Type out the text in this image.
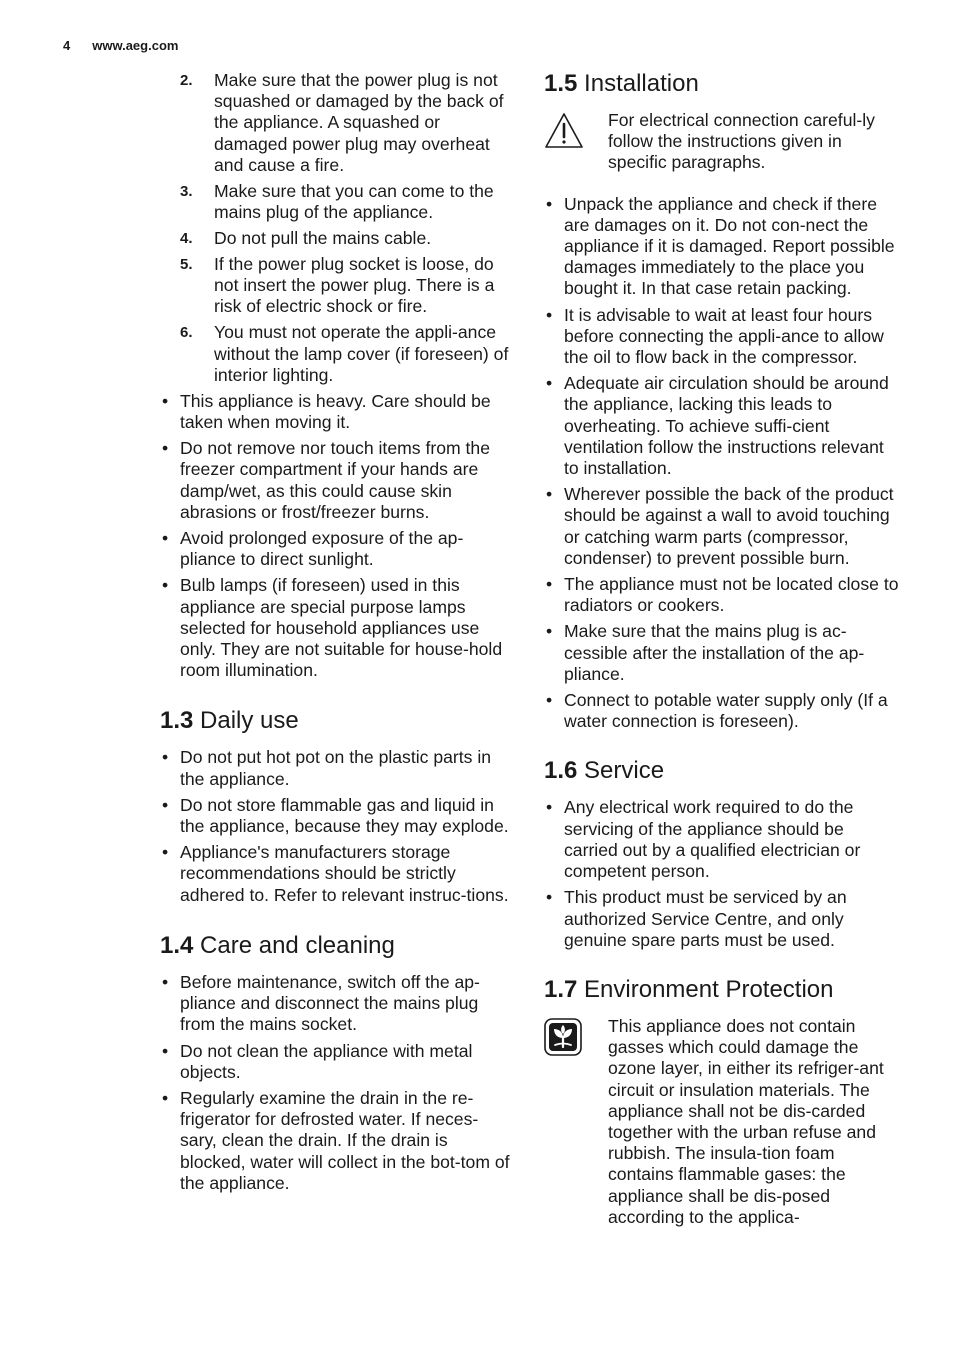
4 www.aeg.com
2. Make sure that the power plug is not squashed or damaged by the back of the appliance. A squashed or damaged power plug may overheat and cause a fire.
3. Make sure that you can come to the mains plug of the appliance.
4. Do not pull the mains cable.
5. If the power plug socket is loose, do not insert the power plug. There is a risk of electric shock or fire.
6. You must not operate the appli-ance without the lamp cover (if foreseen) of interior lighting.
• This appliance is heavy. Care should be taken when moving it.
• Do not remove nor touch items from the freezer compartment if your hands are damp/wet, as this could cause skin abrasions or frost/freezer burns.
• Avoid prolonged exposure of the ap-pliance to direct sunlight.
• Bulb lamps (if foreseen) used in this appliance are special purpose lamps selected for household appliances use only. They are not suitable for house-hold room illumination.
1.3 Daily use
• Do not put hot pot on the plastic parts in the appliance.
• Do not store flammable gas and liquid in the appliance, because they may explode.
• Appliance's manufacturers storage recommendations should be strictly adhered to. Refer to relevant instruc-tions.
1.4 Care and cleaning
• Before maintenance, switch off the ap-pliance and disconnect the mains plug from the mains socket.
• Do not clean the appliance with metal objects.
• Regularly examine the drain in the re-frigerator for defrosted water. If neces-sary, clean the drain. If the drain is blocked, water will collect in the bot-tom of the appliance.
1.5 Installation
For electrical connection careful-ly follow the instructions given in specific paragraphs.
• Unpack the appliance and check if there are damages on it. Do not con-nect the appliance if it is damaged. Report possible damages immediately to the place you bought it. In that case retain packing.
• It is advisable to wait at least four hours before connecting the appli-ance to allow the oil to flow back in the compressor.
• Adequate air circulation should be around the appliance, lacking this leads to overheating. To achieve suffi-cient ventilation follow the instructions relevant to installation.
• Wherever possible the back of the product should be against a wall to avoid touching or catching warm parts (compressor, condenser) to prevent possible burn.
• The appliance must not be located close to radiators or cookers.
• Make sure that the mains plug is ac-cessible after the installation of the ap-pliance.
• Connect to potable water supply only (If a water connection is foreseen).
1.6 Service
• Any electrical work required to do the servicing of the appliance should be carried out by a qualified electrician or competent person.
• This product must be serviced by an authorized Service Centre, and only genuine spare parts must be used.
1.7 Environment Protection
This appliance does not contain gasses which could damage the ozone layer, in either its refriger-ant circuit or insulation materials. The appliance shall not be dis-carded together with the urban refuse and rubbish. The insula-tion foam contains flammable gases: the appliance shall be dis-posed according to the applica-
